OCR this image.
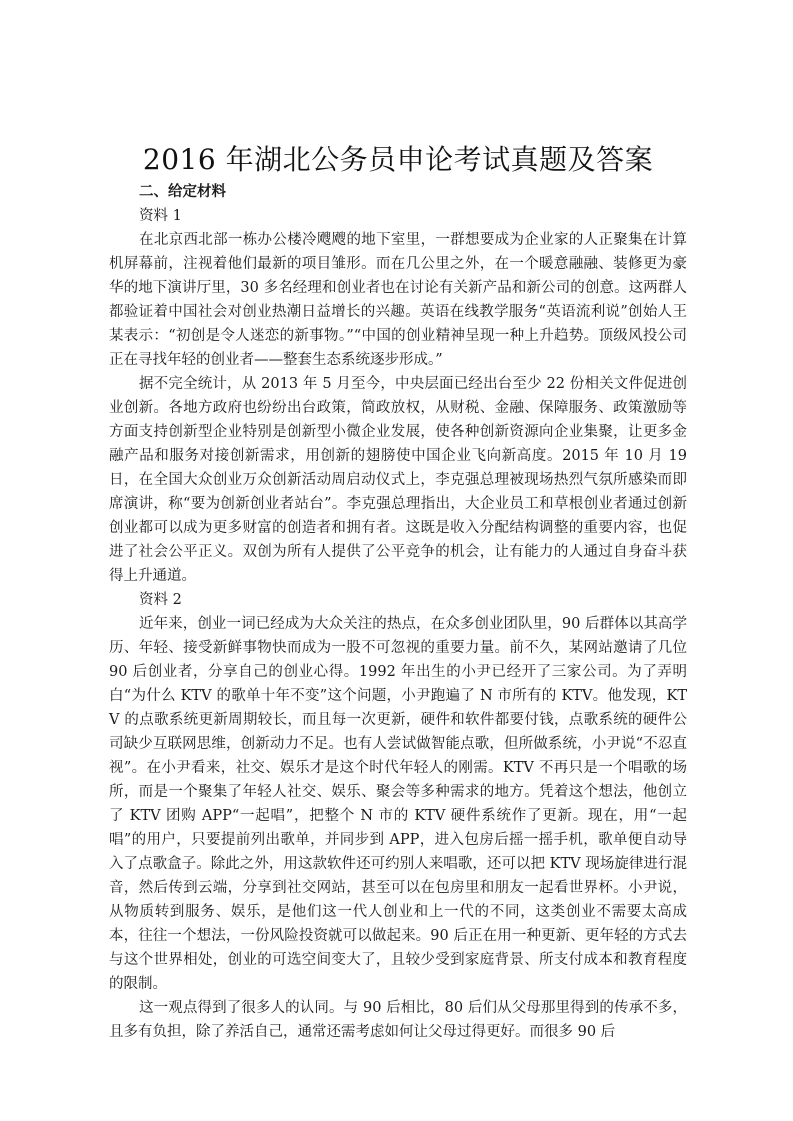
2016 年湖北公务员申论考试真题及答案
二、给定材料
资料 1

在北京西北部一栋办公楼冷飕飕的地下室里，一群想要成为企业家的人正聚集在计算机屏幕前，注视着他们最新的项目雏形。而在几公里之外，在一个暖意融融、装修更为豪华的地下演讲厅里，30 多名经理和创业者也在讨论有关新产品和新公司的创意。这两群人都验证着中国社会对创业热潮日益增长的兴趣。英语在线教学服务“英语流利说”创始人王某表示：“初创是令人迷恋的新事物。”“中国的创业精神呈现一种上升趋势。顶级风投公司正在寻找年轻的创业者——整套生态系统逐步形成。”

据不完全统计，从 2013 年 5 月至今，中央层面已经出台至少 22 份相关文件促进创业创新。各地方政府也纷纷出台政策，简政放权，从财税、金融、保障服务、政策激励等方面支持创新型企业特别是创新型小微企业发展，使各种创新资源向企业集聚，让更多金融产品和服务对接创新需求，用创新的翅膀使中国企业飞向新高度。2015 年 10 月 19 日，在全国大众创业万众创新活动周启动仪式上，李克强总理被现场热烈气氛所感染而即席演讲，称“要为创新创业者站台”。李克强总理指出，大企业员工和草根创业者通过创新创业都可以成为更多财富的创造者和拥有者。这既是收入分配结构调整的重要内容，也促进了社会公平正义。双创为所有人提供了公平竞争的机会，让有能力的人通过自身奋斗获得上升通道。

资料 2

近年来，创业一词已经成为大众关注的热点，在众多创业团队里，90 后群体以其高学历、年轻、接受新鲜事物快而成为一股不可忽视的重要力量。前不久，某网站邀请了几位 90 后创业者，分享自己的创业心得。1992 年出生的小尹已经开了三家公司。为了弄明白“为什么 KTV 的歌单十年不变”这个问题，小尹跑遍了 N 市所有的 KTV。他发现，KTV 的点歌系统更新周期较长，而且每一次更新，硬件和软件都要付钱，点歌系统的硬件公司缺少互联网思维，创新动力不足。也有人尝试做智能点歌，但所做系统，小尹说“不忍直视”。在小尹看来，社交、娱乐才是这个时代年轻人的刚需。KTV 不再只是一个唱歌的场所，而是一个聚集了年轻人社交、娱乐、聚会等多种需求的地方。凭着这个想法，他创立了 KTV 团购 APP“一起唱”，把整个 N 市的 KTV 硬件系统作了更新。现在，用“一起唱”的用户，只要提前列出歌单，并同步到 APP，进入包房后摇一摇手机，歌单便自动导入了点歌盒子。除此之外，用这款软件还可约别人来唱歌，还可以把 KTV 现场旋律进行混音，然后传到云端，分享到社交网站，甚至可以在包房里和朋友一起看世界杯。小尹说，从物质转到服务、娱乐，是他们这一代人创业和上一代的不同，这类创业不需要太高成本，往往一个想法，一份风险投资就可以做起来。90 后正在用一种更新、更年轻的方式去与这个世界相处，创业的可选空间变大了，且较少受到家庭背景、所支付成本和教育程度的限制。

这一观点得到了很多人的认同。与 90 后相比，80 后们从父母那里得到的传承不多，且多有负担，除了养活自己，通常还需考虑如何让父母过得更好。而很多 90 后
